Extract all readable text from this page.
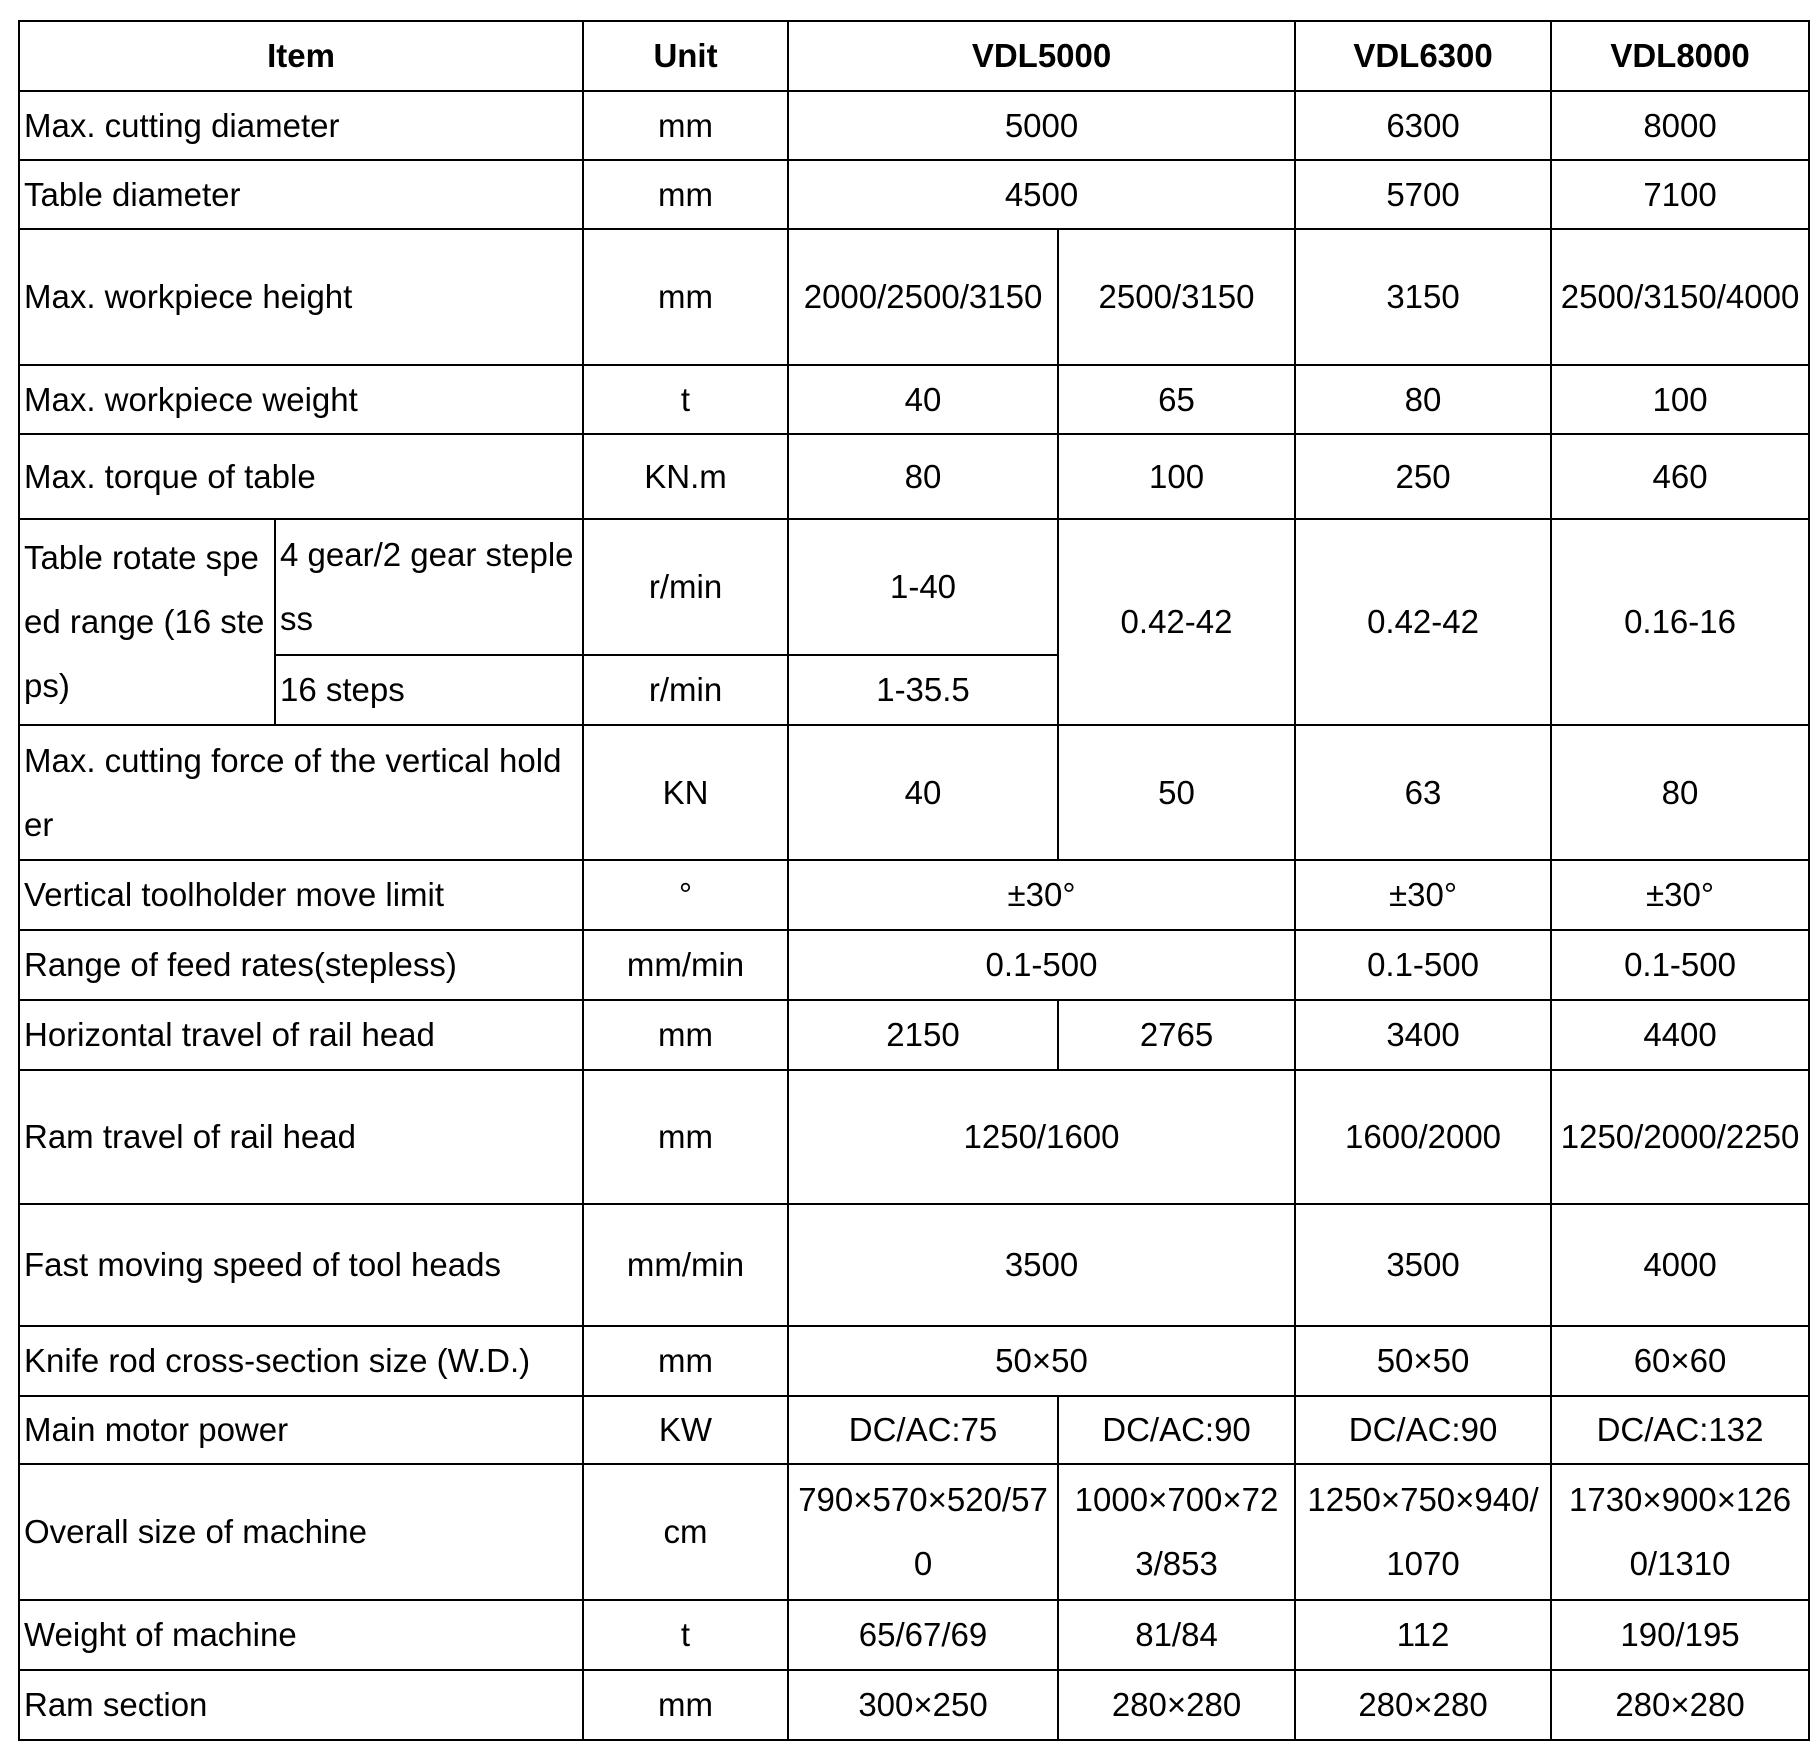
Item		Unit	VDL5000		VDL6300	VDL8000
Max. cutting diameter		mm	5000		6300	8000
Table diameter		mm	4500		5700	7100
Max. workpiece height		mm	2000/2500/3150	2500/3150	3150	2500/3150/4000
Max. workpiece weight		t	40	65	80	100
Max. torque of table		KN.m	80	100	250	460
Table rotate speed range (16 steps)	4 gear/2 gear stepless	r/min	1-40	0.42-42	0.42-42	0.16-16
	16 steps	r/min	1-35.5			
Max. cutting force of the vertical holder		KN	40	50	63	80
Vertical toolholder move limit		°	±30°		±30°	±30°
Range of feed rates(stepless)		mm/min	0.1-500		0.1-500	0.1-500
Horizontal travel of rail head		mm	2150	2765	3400	4400
Ram travel of rail head		mm	1250/1600		1600/2000	1250/2000/2250
Fast moving speed of tool heads		mm/min	3500		3500	4000
Knife rod cross-section size (W.D.)		mm	50×50		50×50	60×60
Main motor power		KW	DC/AC:75	DC/AC:90	DC/AC:90	DC/AC:132
Overall size of machine		cm	790×570×520/570	1000×700×723/853	1250×750×940/1070	1730×900×1260/1310
Weight of machine		t	65/67/69	81/84	112	190/195
Ram section		mm	300×250	280×280	280×280	280×280
